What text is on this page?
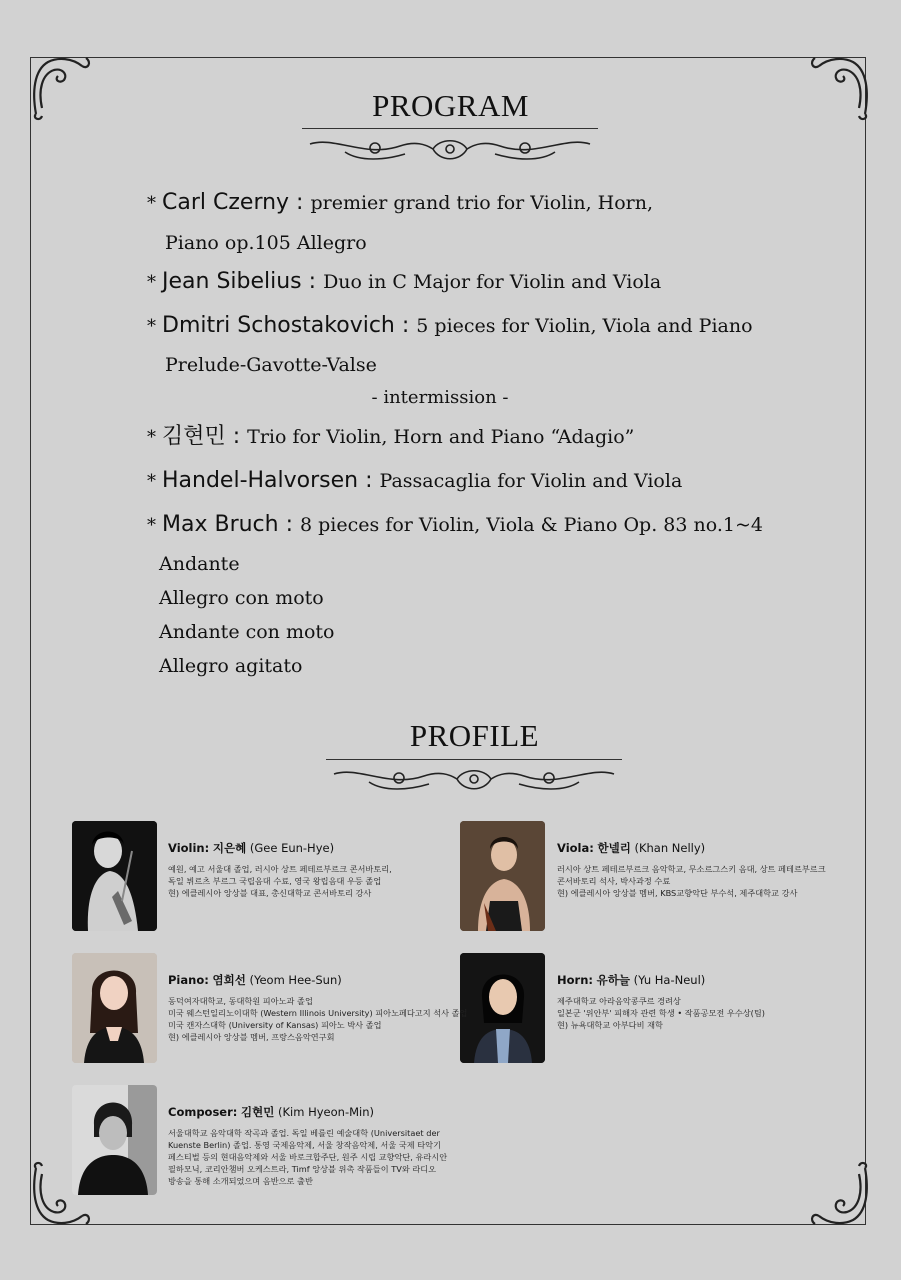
PROGRAM
* Carl Czerny : premier grand trio for Violin, Horn,
Piano op.105 Allegro
* Jean Sibelius : Duo in C Major for Violin and Viola
* Dmitri Schostakovich : 5 pieces for Violin, Viola and Piano
Prelude-Gavotte-Valse
- intermission -
* 김현민 : Trio for Violin, Horn and Piano “Adagio”
* Handel-Halvorsen : Passacaglia for Violin and Viola
* Max Bruch : 8 pieces for Violin, Viola & Piano Op. 83 no.1~4
Andante
Allegro con moto
Andante con moto
Allegro agitato
PROFILE
Violin: 지은혜 (Gee Eun-Hye)
예원, 예고 서울대 졸업, 러시아 상트 페테르부르크 콘서바토리,
독일 뷔르츠 부르그 국립음대 수료, 영국 왕립음대 우등 졸업
현) 에클레시아 앙상블 대표, 총신대학교 콘서바토리 강사
Viola: 한넬리 (Khan Nelly)
러시아 상트 페테르부르크 음악학교, 무소르그스키 음대, 상트 페테르부르크
콘서바토리 석사, 박사과정 수료
현) 에클레시아 앙상블 멤버, KBS교향악단 부수석, 제주대학교 강사
Piano: 염희선 (Yeom Hee-Sun)
동덕여자대학교, 동대학원 피아노과 졸업
미국 웨스턴일리노이대학 (Western Illinois University) 피아노페다고지 석사 졸업
미국 캔자스대학 (University of Kansas) 피아노 박사 졸업
현) 에클레시아 앙상블 멤버, 프랑스음악연구회
Horn: 유하늘 (Yu Ha-Neul)
제주대학교 아라음악콩쿠르 경려상
일본군 '위안부' 피해자 관련 학생 • 작품공모전 우수상(팀)
현) 뉴욕대학교 아부다비 재학
Composer: 김현민 (Kim Hyeon-Min)
서울대학교 음악대학 작곡과 졸업. 독일 베를린 예술대학 (Universitaet der
Kuenste Berlin) 졸업. 통영 국제음악제, 서울 창작음악제, 서울 국제 타악기
페스티벌 등의 현대음악제와 서울 바로크합주단, 원주 시립 교향악단, 유라시안
필하모닉, 코리안챔버 오케스트라, Timf 앙상블 위촉 작품들이 TV와 라디오
방송을 통해 소개되었으며 음반으로 출반
